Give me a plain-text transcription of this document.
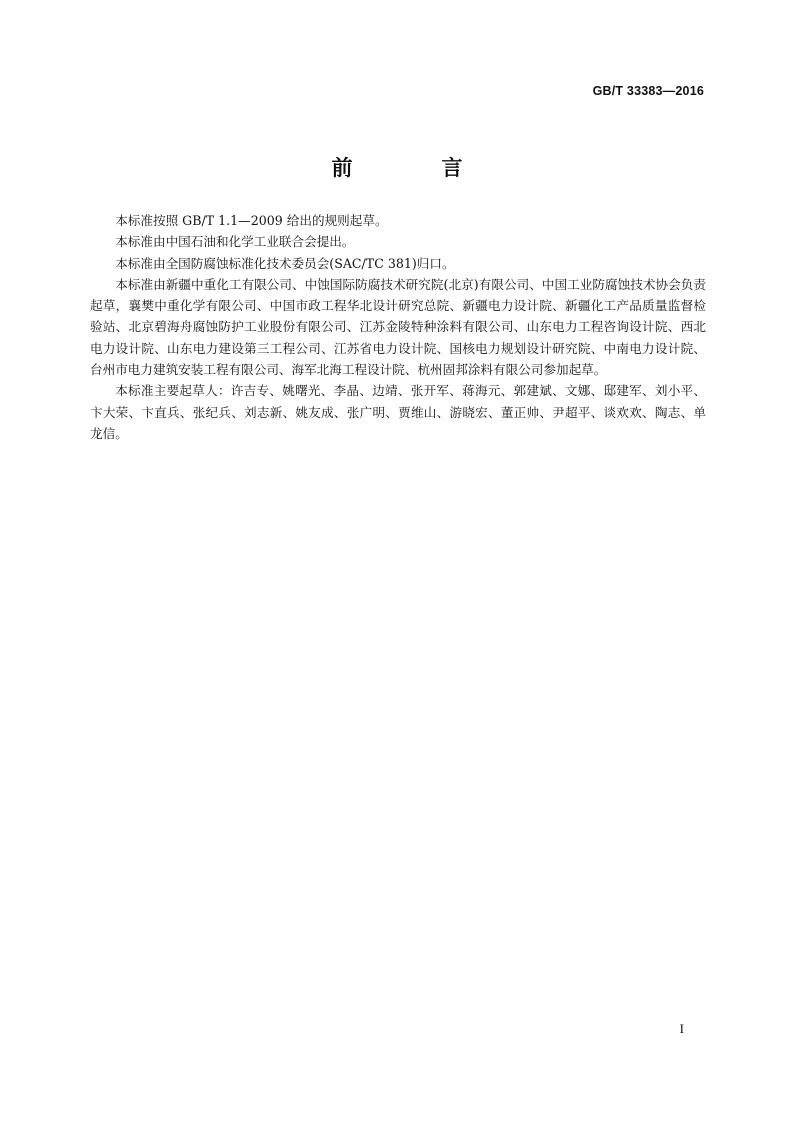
GB/T 33383—2016
前　言

本标准按照 GB/T 1.1—2009 给出的规则起草。

本标准由中国石油和化学工业联合会提出。

本标准由全国防腐蚀标准化技术委员会(SAC/TC 381)归口。

本标准由新疆中重化工有限公司、中蚀国际防腐技术研究院(北京)有限公司、中国工业防腐蚀技术协会负责起草，襄樊中重化学有限公司、中国市政工程华北设计研究总院、新疆电力设计院、新疆化工产品质量监督检验站、北京碧海舟腐蚀防护工业股份有限公司、江苏金陵特种涂料有限公司、山东电力工程咨询设计院、西北电力设计院、山东电力建设第三工程公司、江苏省电力设计院、国核电力规划设计研究院、中南电力设计院、台州市电力建筑安装工程有限公司、海军北海工程设计院、杭州固邦涂料有限公司参加起草。

本标准主要起草人：许吉专、姚曙光、李晶、边靖、张开军、蒋海元、郭建斌、文娜、邸建军、刘小平、卞大荣、卞直兵、张纪兵、刘志新、姚友成、张广明、贾维山、游晓宏、董正帅、尹超平、谈欢欢、陶志、单龙信。

I
